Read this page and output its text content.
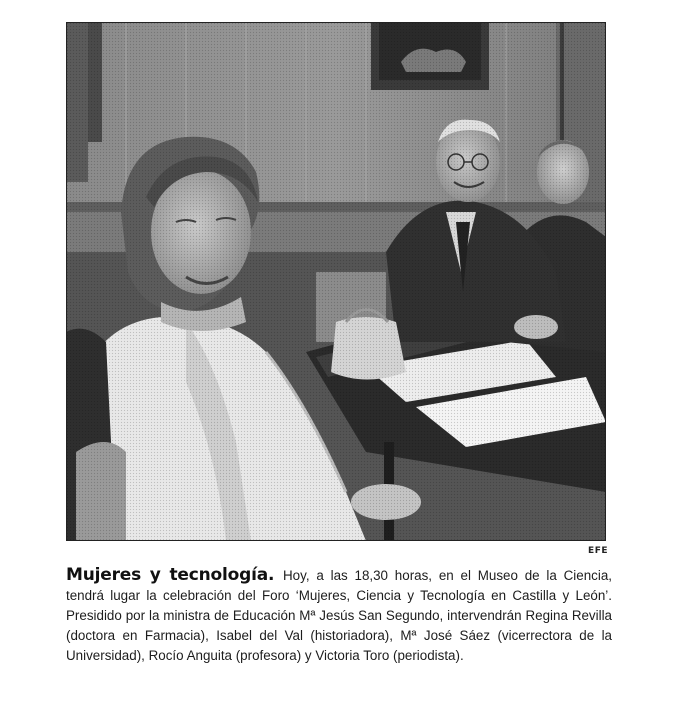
EFE
Mujeres y tecnología. Hoy, a las 18,30 horas, en el Museo de la Ciencia, tendrá lugar la celebración del Foro ‘Mujeres, Ciencia y Tecnología en Castilla y León’. Presidido por la ministra de Educación Mª Jesús San Segundo, intervendrán Regina Revilla (doctora en Farmacia), Isabel del Val (historiadora), Mª José Sáez (vicerrectora de la Universidad), Rocío Anguita (profesora) y Victoria Toro (periodista).
